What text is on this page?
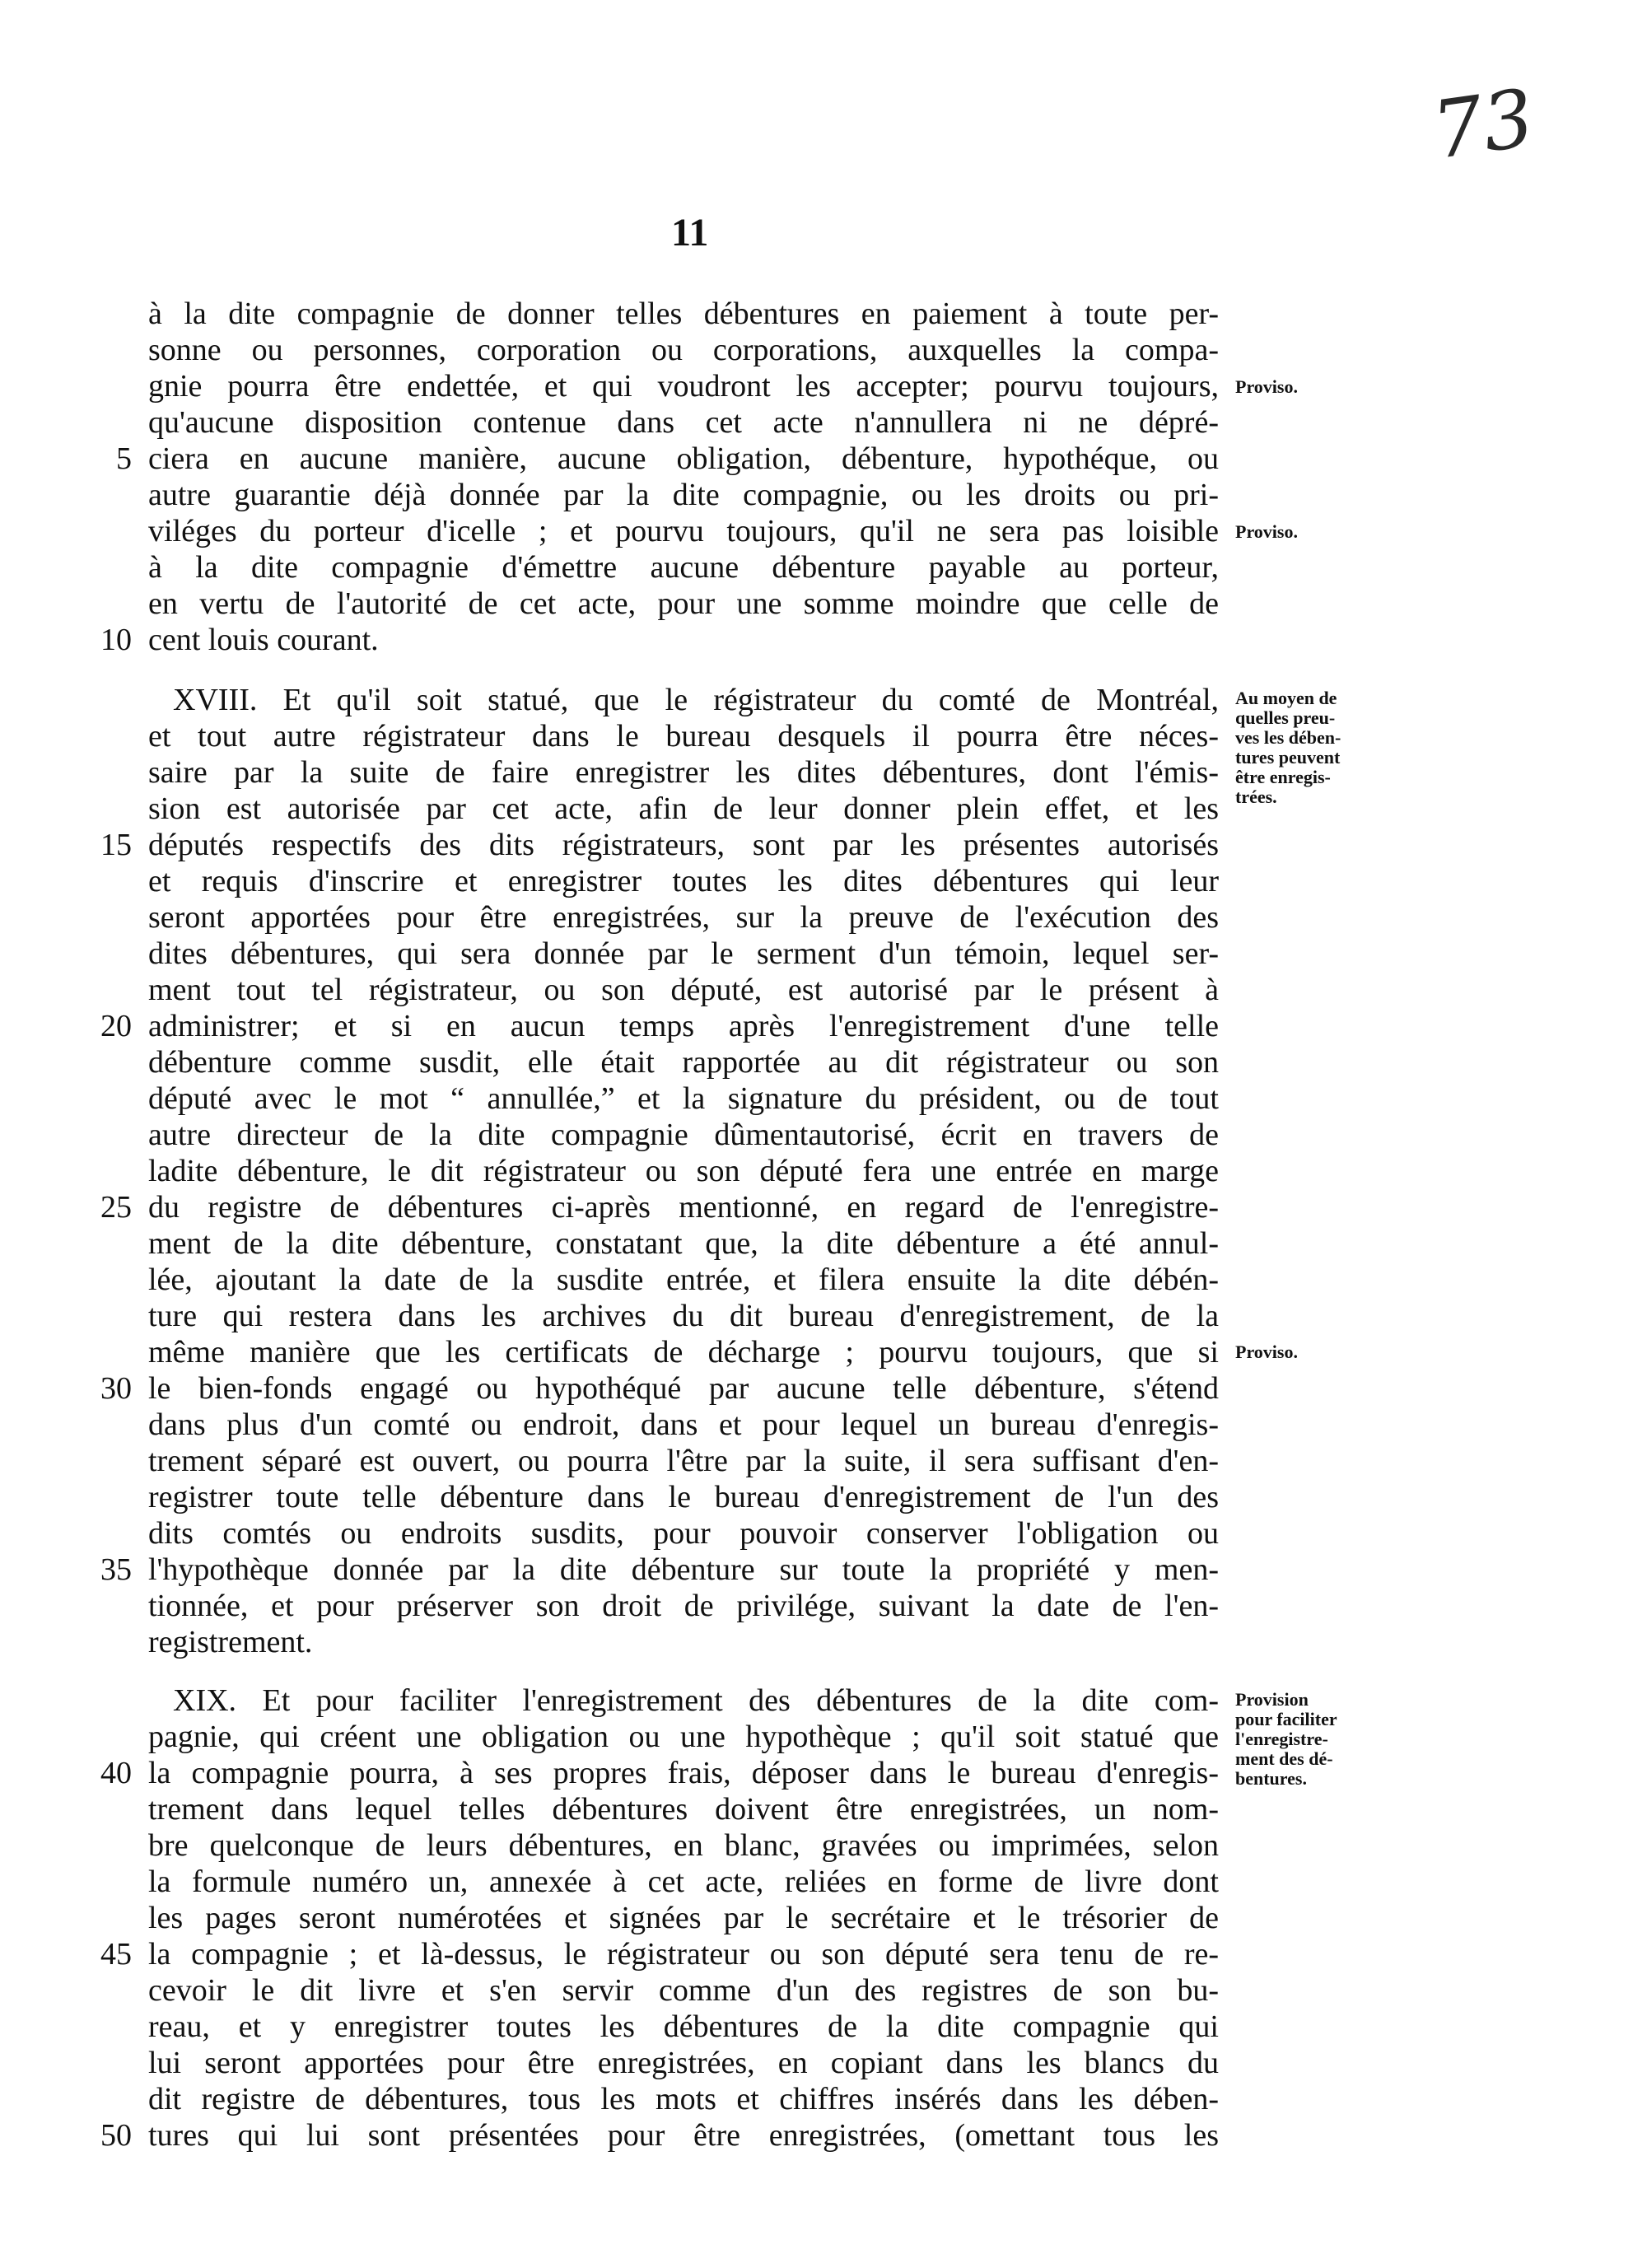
73
11
à la dite compagnie de donner telles débentures en paiement à toute per-
sonne ou personnes, corporation ou corporations, auxquelles la compa-
gnie pourra être endettée, et qui voudront les accepter; pourvu toujours,
qu'aucune disposition contenue dans cet acte n'annullera ni ne dépré-
ciera en aucune manière, aucune obligation, débenture, hypothéque, ou
autre guarantie déjà donnée par la dite compagnie, ou les droits ou pri-
viléges du porteur d'icelle ; et pourvu toujours, qu'il ne sera pas loisible
à la dite compagnie d'émettre aucune débenture payable au porteur,
en vertu de l'autorité de cet acte, pour une somme moindre que celle de
cent louis courant.
XVIII. Et qu'il soit statué, que le régistrateur du comté de Montréal,
et tout autre régistrateur dans le bureau desquels il pourra être néces-
saire par la suite de faire enregistrer les dites débentures, dont l'émis-
sion est autorisée par cet acte, afin de leur donner plein effet, et les
députés respectifs des dits régistrateurs, sont par les présentes autorisés
et requis d'inscrire et enregistrer toutes les dites débentures qui leur
seront apportées pour être enregistrées, sur la preuve de l'exécution des
dites débentures, qui sera donnée par le serment d'un témoin, lequel ser-
ment tout tel régistrateur, ou son député, est autorisé par le présent à
administrer; et si en aucun temps après l'enregistrement d'une telle
débenture comme susdit, elle était rapportée au dit régistrateur ou son
député avec le mot “ annullée,” et la signature du président, ou de tout
autre directeur de la dite compagnie dûmentautorisé, écrit en travers de
ladite débenture, le dit régistrateur ou son député fera une entrée en marge
du registre de débentures ci-après mentionné, en regard de l'enregistre-
ment de la dite débenture, constatant que, la dite débenture a été annul-
lée, ajoutant la date de la susdite entrée, et filera ensuite la dite débén-
ture qui restera dans les archives du dit bureau d'enregistrement, de la
même manière que les certificats de décharge ; pourvu toujours, que si
le bien-fonds engagé ou hypothéqué par aucune telle débenture, s'étend
dans plus d'un comté ou endroit, dans et pour lequel un bureau d'enregis-
trement séparé est ouvert, ou pourra l'être par la suite, il sera suffisant d'en-
registrer toute telle débenture dans le bureau d'enregistrement de l'un des
dits comtés ou endroits susdits, pour pouvoir conserver l'obligation ou
l'hypothèque donnée par la dite débenture sur toute la propriété y men-
tionnée, et pour préserver son droit de privilége, suivant la date de l'en-
registrement.
XIX. Et pour faciliter l'enregistrement des débentures de la dite com-
pagnie, qui créent une obligation ou une hypothèque ; qu'il soit statué que
la compagnie pourra, à ses propres frais, déposer dans le bureau d'enregis-
trement dans lequel telles débentures doivent être enregistrées, un nom-
bre quelconque de leurs débentures, en blanc, gravées ou imprimées, selon
la formule numéro un, annexée à cet acte, reliées en forme de livre dont
les pages seront numérotées et signées par le secrétaire et le trésorier de
la compagnie ; et là-dessus, le régistrateur ou son député sera tenu de re-
cevoir le dit livre et s'en servir comme d'un des registres de son bu-
reau, et y enregistrer toutes les débentures de la dite compagnie qui
lui seront apportées pour être enregistrées, en copiant dans les blancs du
dit registre de débentures, tous les mots et chiffres insérés dans les dében-
tures qui lui sont présentées pour être enregistrées, (omettant tous les
5
10
15
20
25
30
35
40
45
50
Proviso.
Proviso.
Au moyen de
quelles preu-
ves les dében-
tures peuvent
être enregis-
trées.
Proviso.
Provision
pour faciliter
l'enregistre-
ment des dé-
bentures.
